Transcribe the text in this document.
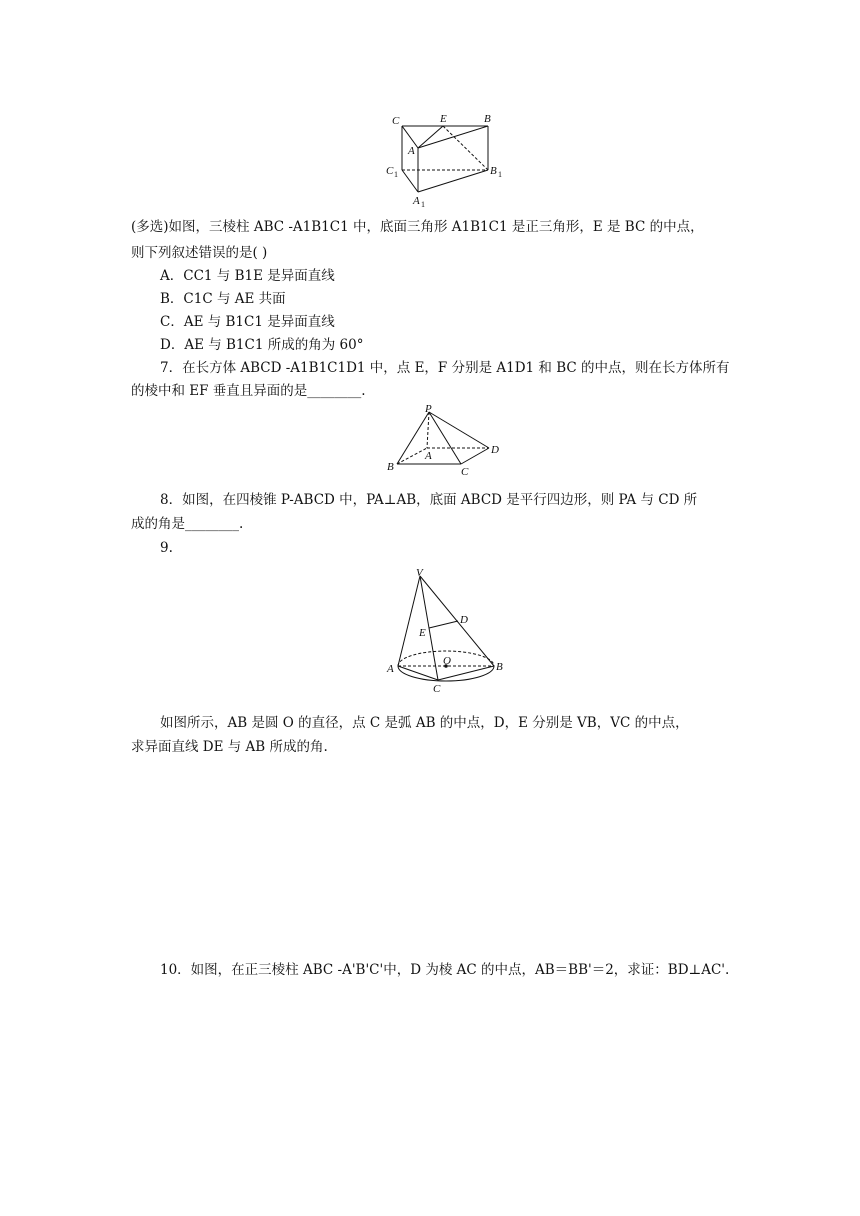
C	E	B
A
C 1	B 1
A 1
(多选)如图，三棱柱 ABC -A1B1C1 中，底面三角形 A1B1C1 是正三角形，E 是 BC 的中点，
则下列叙述错误的是( )
A．CC1 与 B1E 是异面直线
B．C1C 与 AE 共面
C．AE 与 B1C1 是异面直线
D．AE 与 B1C1 所成的角为 60°
7．在长方体 ABCD -A1B1C1D1 中，点 E，F 分别是 A1D1 和 BC 的中点，则在长方体所有
的棱中和 EF 垂直且异面的是________.
P
A
B	C
D
8．如图，在四棱锥 P-ABCD 中，PA⊥AB，底面 ABCD 是平行四边形，则 PA 与 CD 所
成的角是________.
9.
V
D
E
O
A	B
C
如图所示，AB 是圆 O 的直径，点 C 是弧 AB 的中点，D，E 分别是 VB，VC 的中点，
求异面直线 DE 与 AB 所成的角.
10．如图，在正三棱柱 ABC -A'B'C'中，D 为棱 AC 的中点，AB＝BB'＝2，求证：BD⊥AC'.
